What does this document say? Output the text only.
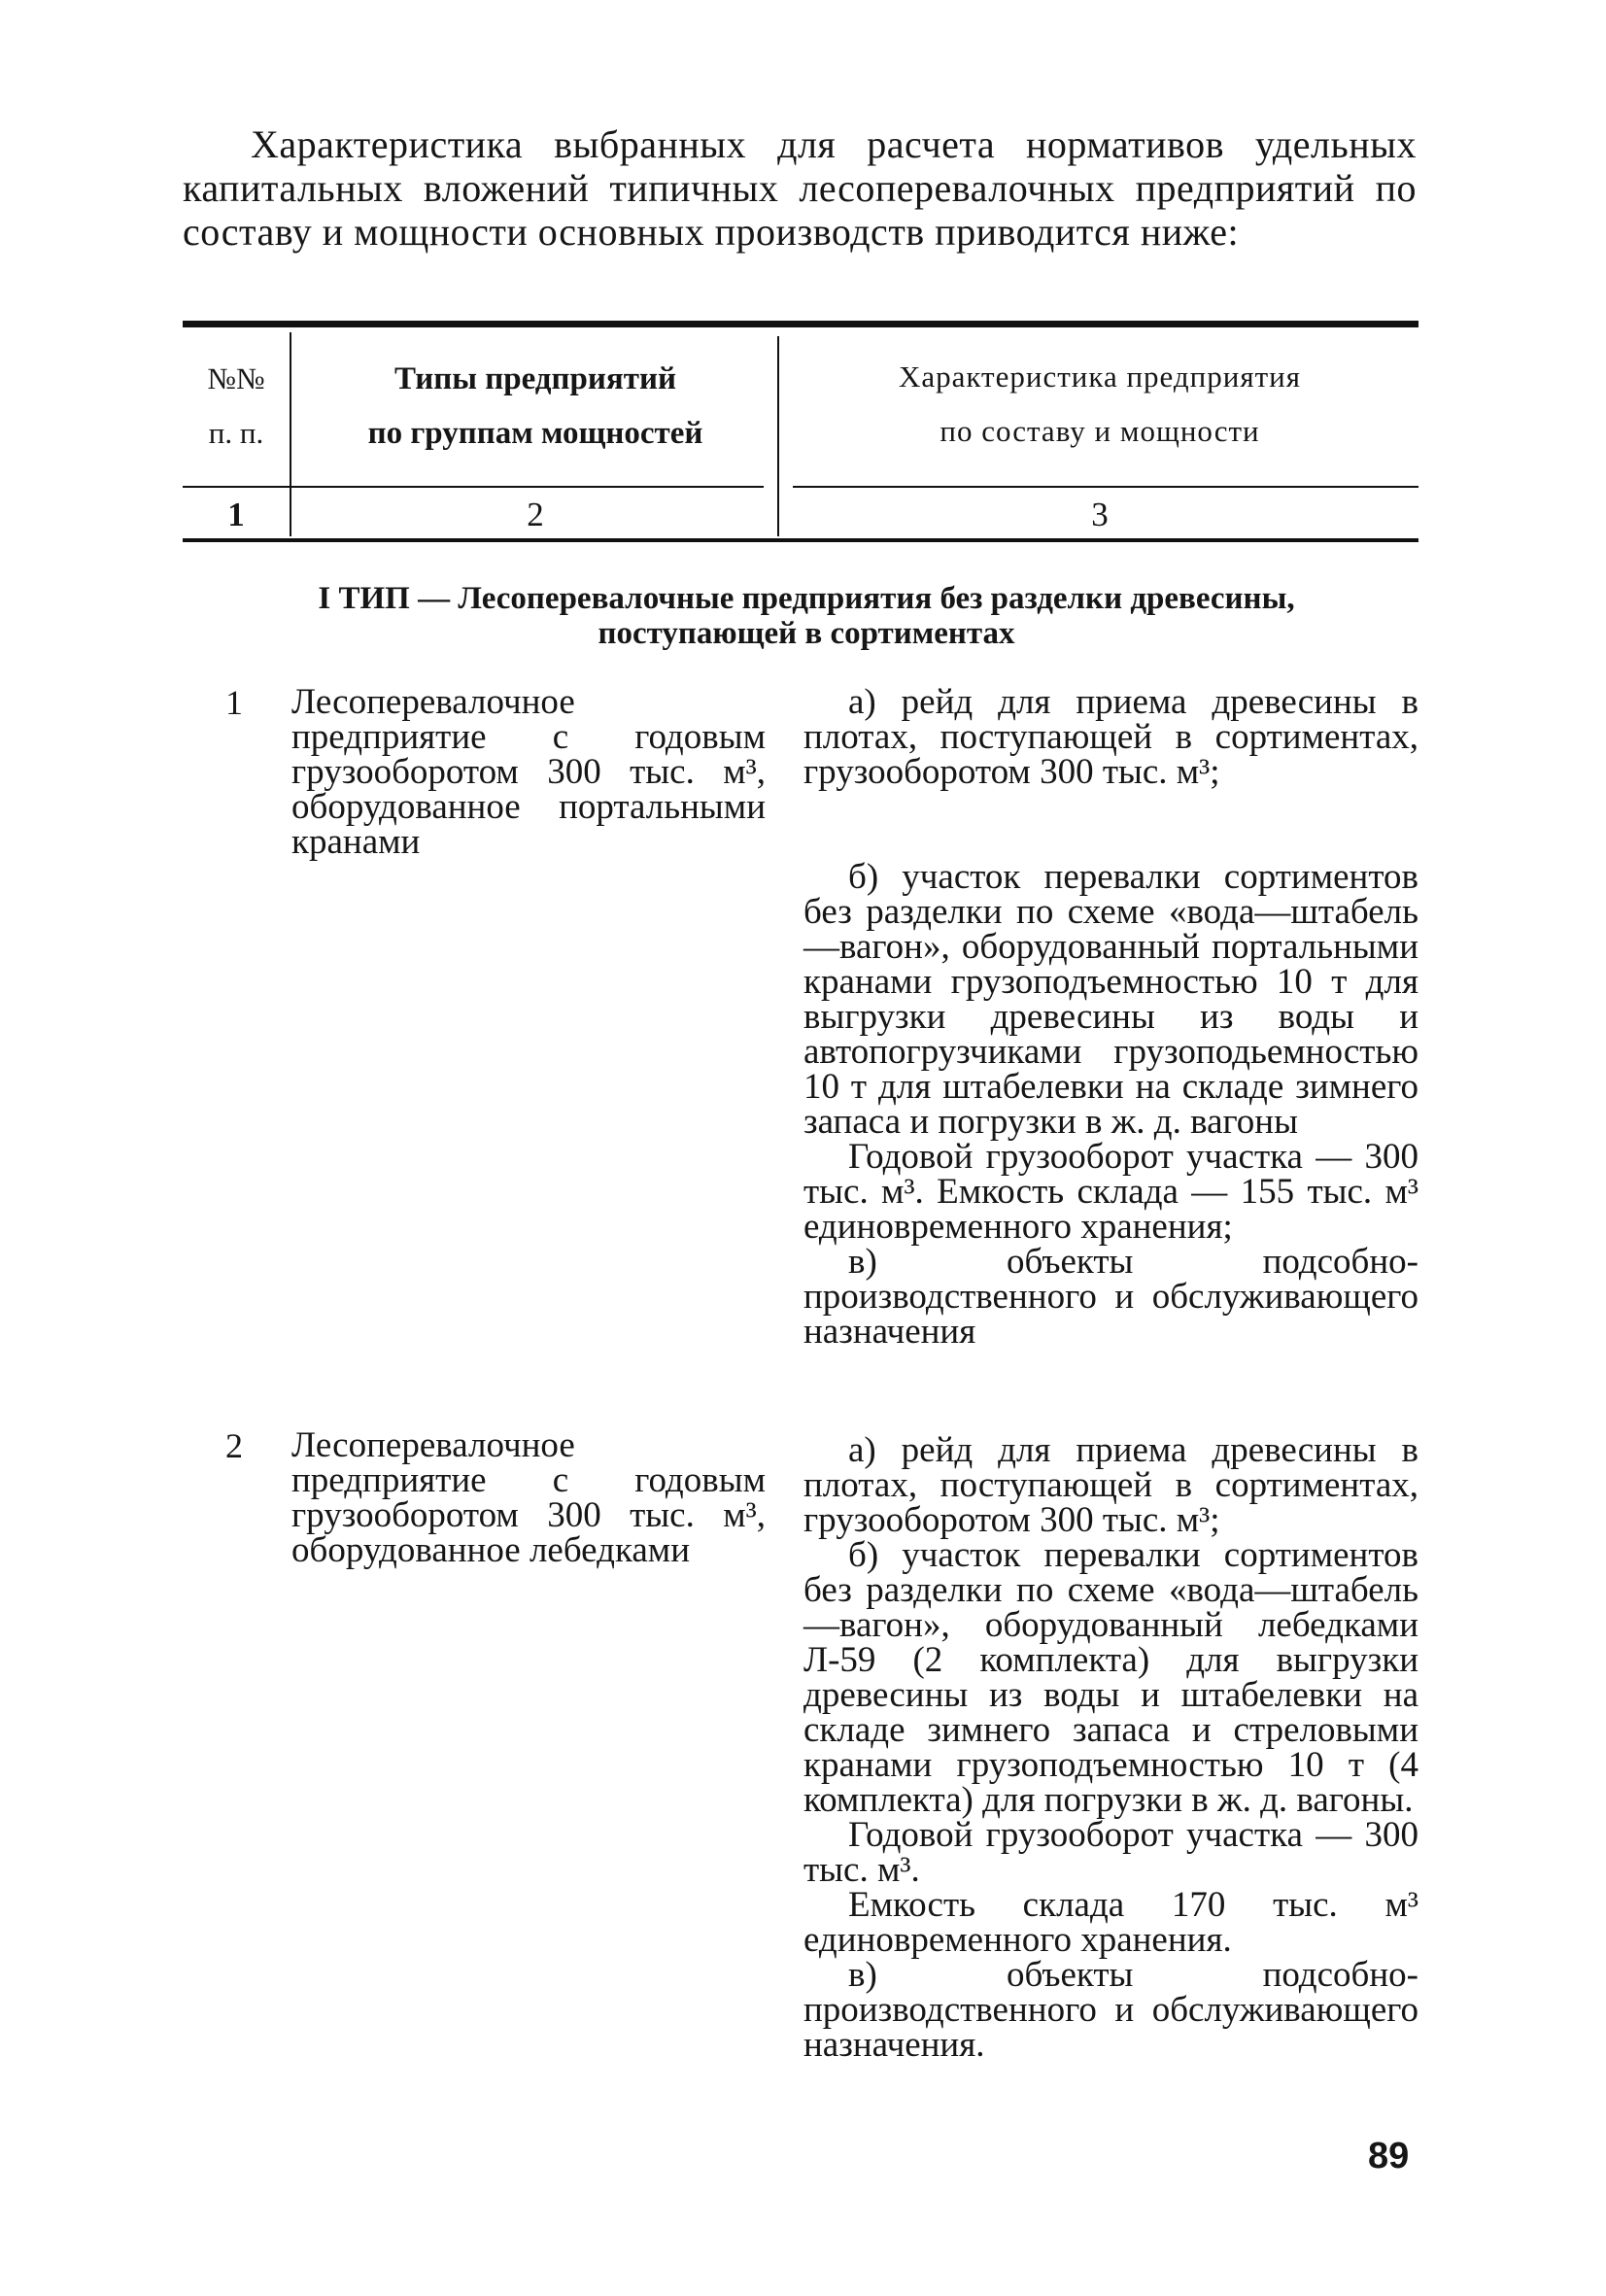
Характеристика выбранных для расчета нормативов удельных капитальных вложений типичных лесоперевалочных предприятий по составу и мощности основных производств приводится ниже:
№№
п. п.
Типы предприятий
по группам мощностей
Характеристика предприятия
по составу и мощности
1	2	3
I ТИП — Лесоперевалочные предприятия без разделки древесины,
поступающей в сортиментах
1 Лесоперевалочное предприятие с годовым грузооборотом 300 тыс. м³, оборудованное портальными кранами

а) рейд для приема древесины в плотах, поступающей в сортиментах, грузооборотом 300 тыс. м³;

б) участок перевалки сортиментов без разделки по схеме «вода—штабель—вагон», оборудованный портальными кранами грузоподъемностью 10 т для выгрузки древесины из воды и автопогрузчиками грузоподьемностью 10 т для штабелевки на складе зимнего запаса и погрузки в ж. д. вагоны

Годовой грузооборот участка — 300 тыс. м³. Емкость склада — 155 тыс. м³ единовременного хранения;

в) объекты подсобно-производственного и обслуживающего назначения

2 Лесоперевалочное предприятие с годовым грузооборотом 300 тыс. м³, оборудованное лебедками

а) рейд для приема древесины в плотах, поступающей в сортиментах, грузооборотом 300 тыс. м³;

б) участок перевалки сортиментов без разделки по схеме «вода—штабель—вагон», оборудованный лебедками Л-59 (2 комплекта) для выгрузки древесины из воды и штабелевки на складе зимнего запаса и стреловыми кранами грузоподъемностью 10 т (4 комплекта) для погрузки в ж. д. вагоны.

Годовой грузооборот участка — 300 тыс. м³.

Емкость склада 170 тыс. м³ единовременного хранения.

в) объекты подсобно-производственного и обслуживающего назначения.

89
